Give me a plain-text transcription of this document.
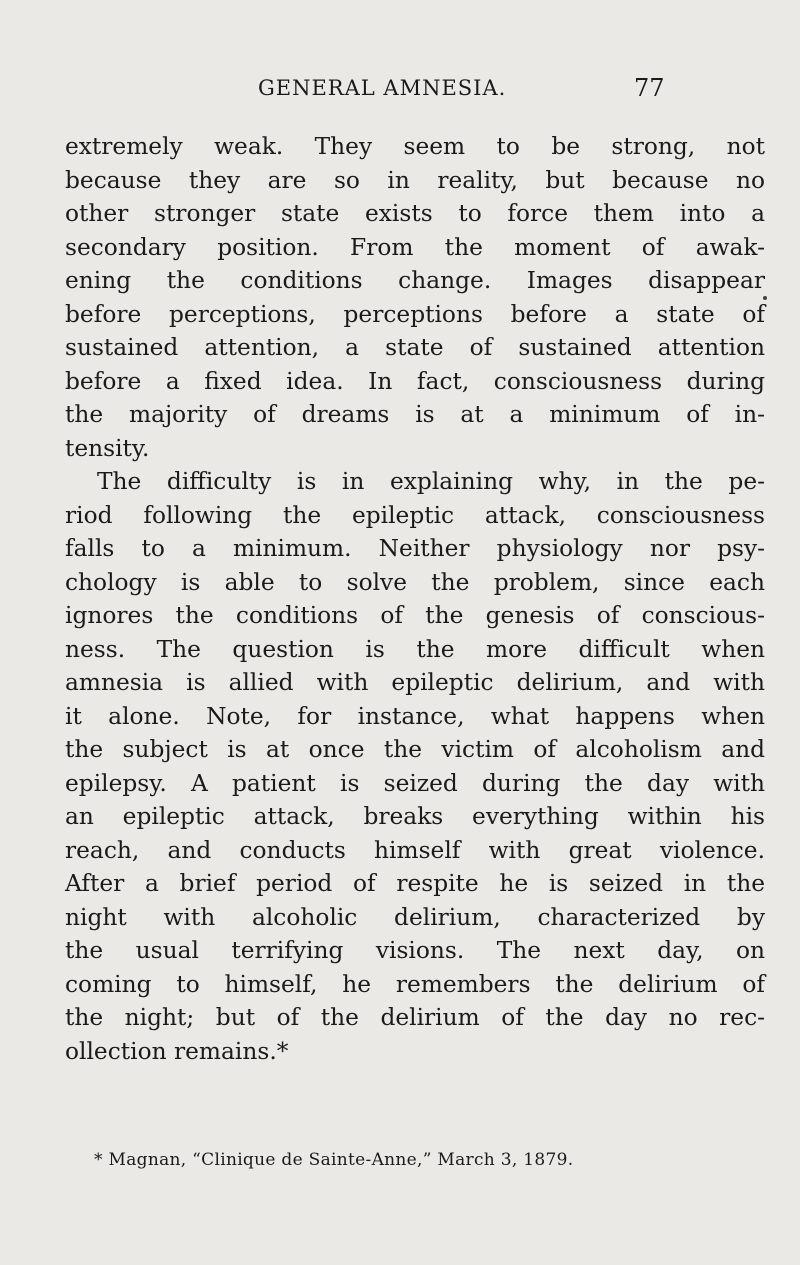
GENERAL AMNESIA.	77
extremely weak. They seem to be strong, not
because they are so in reality, but because no
other stronger state exists to force them into a
secondary position. From the moment of awak-
ening the conditions change. Images disappear
before perceptions, perceptions before a state of
sustained attention, a state of sustained attention
before a fixed idea. In fact, consciousness during
the majority of dreams is at a minimum of in-
tensity.
The difficulty is in explaining why, in the pe-
riod following the epileptic attack, consciousness
falls to a minimum. Neither physiology nor psy-
chology is able to solve the problem, since each
ignores the conditions of the genesis of conscious-
ness. The question is the more difficult when
amnesia is allied with epileptic delirium, and with
it alone. Note, for instance, what happens when
the subject is at once the victim of alcoholism and
epilepsy. A patient is seized during the day with
an epileptic attack, breaks everything within his
reach, and conducts himself with great violence.
After a brief period of respite he is seized in the
night with alcoholic delirium, characterized by
the usual terrifying visions. The next day, on
coming to himself, he remembers the delirium of
the night; but of the delirium of the day no rec-
ollection remains.*
* Magnan, “Clinique de Sainte-Anne,” March 3, 1879.
